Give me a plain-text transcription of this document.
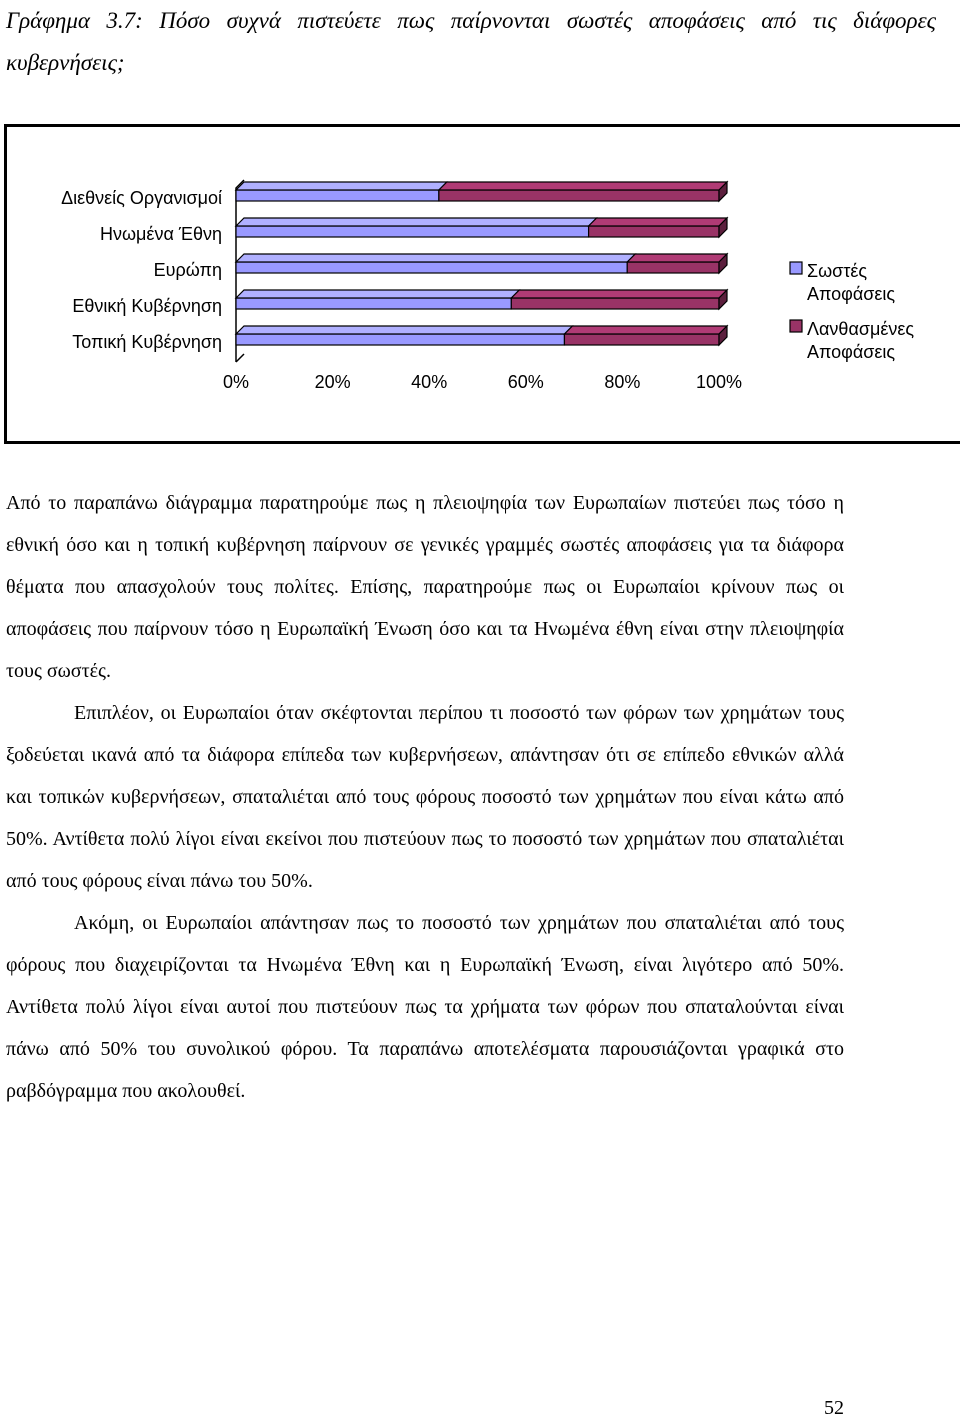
Γράφημα 3.7: Πόσο συχνά πιστεύετε πως παίρνονται σωστές αποφάσεις από τις διάφορες κυβερνήσεις;

Διεθνείς Οργανισμοί
Ηνωμένα Έθνη
Ευρώπη
Εθνική Κυβέρνηση
Τοπική Κυβέρνηση
0%	20%	40%	60%	80%	100%
Σωστές
Αποφάσεις
Λανθασμένες
Αποφάσεις

Από το παραπάνω διάγραμμα παρατηρούμε πως η πλειοψηφία των Ευρωπαίων πιστεύει πως τόσο η εθνική όσο και η τοπική κυβέρνηση παίρνουν σε γενικές γραμμές σωστές αποφάσεις για τα διάφορα θέματα που απασχολούν τους πολίτες. Επίσης, παρατηρούμε πως οι Ευρωπαίοι κρίνουν πως οι αποφάσεις που παίρνουν τόσο η Ευρωπαϊκή Ένωση όσο και τα Ηνωμένα έθνη είναι στην πλειοψηφία τους σωστές.

Επιπλέον, οι Ευρωπαίοι όταν σκέφτονται περίπου τι ποσοστό των φόρων των χρημάτων τους ξοδεύεται ικανά από τα διάφορα επίπεδα των κυβερνήσεων, απάντησαν ότι σε επίπεδο εθνικών αλλά και τοπικών κυβερνήσεων, σπαταλιέται από τους φόρους ποσοστό των χρημάτων που είναι κάτω από 50%. Αντίθετα πολύ λίγοι είναι εκείνοι που πιστεύουν πως το ποσοστό των χρημάτων που σπαταλιέται από τους φόρους είναι πάνω του 50%.

Ακόμη, οι Ευρωπαίοι απάντησαν πως το ποσοστό των χρημάτων που σπαταλιέται από τους φόρους που διαχειρίζονται τα Ηνωμένα Έθνη και η Ευρωπαϊκή Ένωση, είναι λιγότερο από 50%. Αντίθετα πολύ λίγοι είναι αυτοί που πιστεύουν πως τα χρήματα των φόρων που σπαταλούνται είναι πάνω από 50% του συνολικού φόρου. Τα παραπάνω αποτελέσματα παρουσιάζονται γραφικά στο ραβδόγραμμα που ακολουθεί.

52
